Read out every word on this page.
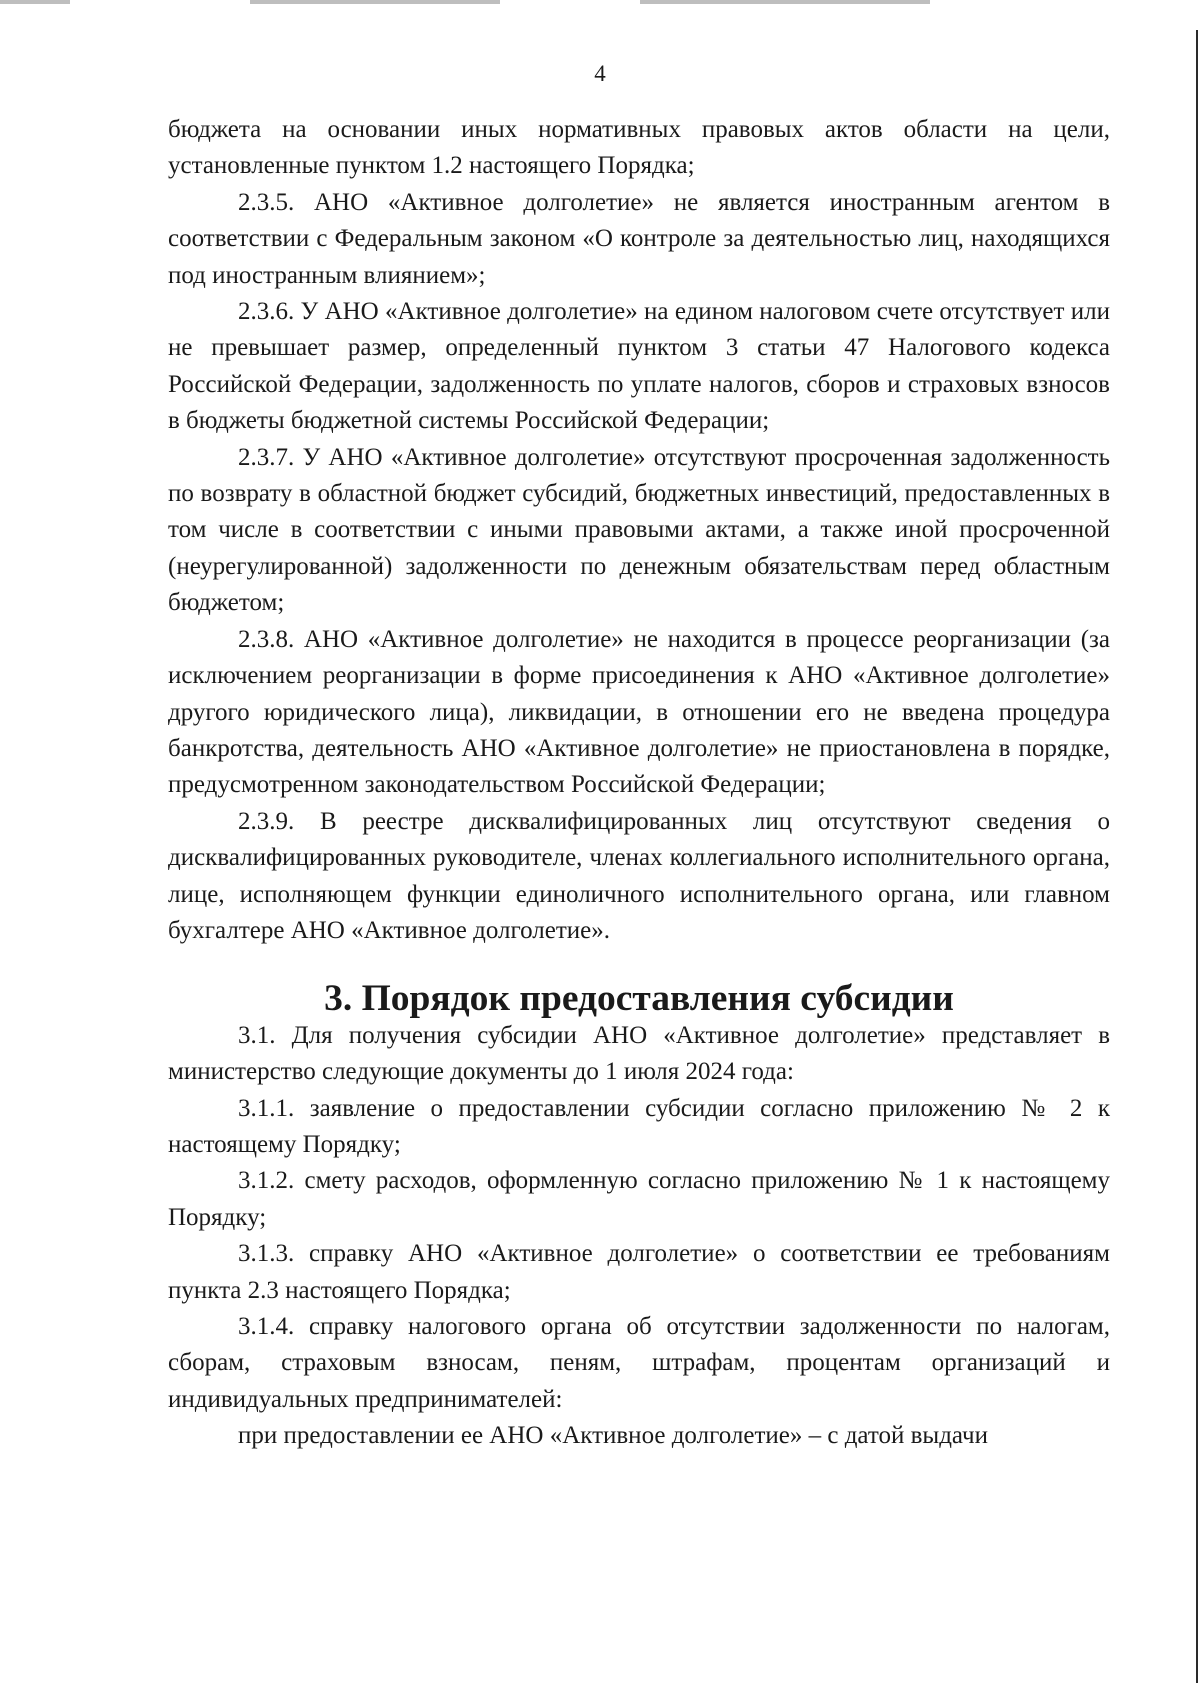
4

бюджета на основании иных нормативных правовых актов области на цели, установленные пунктом 1.2 настоящего Порядка;

2.3.5. АНО «Активное долголетие» не является иностранным агентом в соответствии с Федеральным законом «О контроле за деятельностью лиц, находящихся под иностранным влиянием»;

2.3.6. У АНО «Активное долголетие» на едином налоговом счете отсутствует или не превышает размер, определенный пунктом 3 статьи 47 Налогового кодекса Российской Федерации, задолженность по уплате налогов, сборов и страховых взносов в бюджеты бюджетной системы Российской Федерации;

2.3.7. У АНО «Активное долголетие» отсутствуют просроченная задолженность по возврату в областной бюджет субсидий, бюджетных инвестиций, предоставленных в том числе в соответствии с иными правовыми актами, а также иной просроченной (неурегулированной) задолженности по денежным обязательствам перед областным бюджетом;

2.3.8. АНО «Активное долголетие» не находится в процессе реорганизации (за исключением реорганизации в форме присоединения к АНО «Активное долголетие» другого юридического лица), ликвидации, в отношении его не введена процедура банкротства, деятельность АНО «Активное долголетие» не приостановлена в порядке, предусмотренном законодательством Российской Федерации;

2.3.9. В реестре дисквалифицированных лиц отсутствуют сведения о дисквалифицированных руководителе, членах коллегиального исполнительного органа, лице, исполняющем функции единоличного исполнительного органа, или главном бухгалтере АНО «Активное долголетие».

3. Порядок предоставления субсидии

3.1. Для получения субсидии АНО «Активное долголетие» представляет в министерство следующие документы до 1 июля 2024 года:

3.1.1. заявление о предоставлении субсидии согласно приложению № 2 к настоящему Порядку;

3.1.2. смету расходов, оформленную согласно приложению № 1 к настоящему Порядку;

3.1.3. справку АНО «Активное долголетие» о соответствии ее требованиям пункта 2.3 настоящего Порядка;

3.1.4. справку налогового органа об отсутствии задолженности по налогам, сборам, страховым взносам, пеням, штрафам, процентам организаций и индивидуальных предпринимателей:

при предоставлении ее АНО «Активное долголетие» – с датой выдачи
